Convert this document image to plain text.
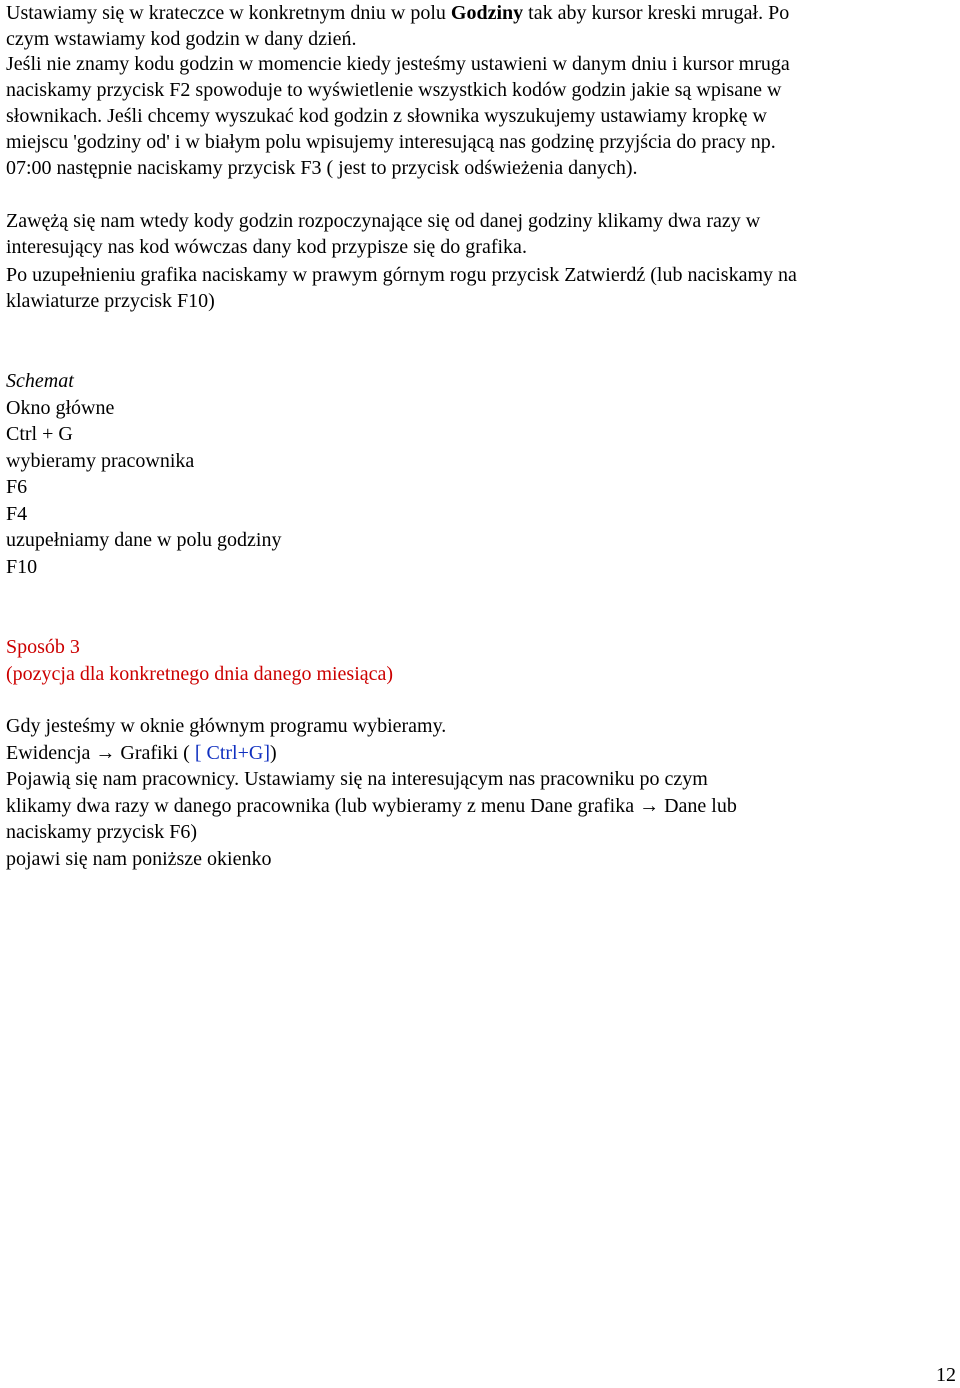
Ustawiamy się w krateczce w konkretnym dniu w polu Godziny tak aby kursor kreski mrugał. Po
czym wstawiamy kod godzin w dany dzień.
Jeśli nie znamy kodu godzin w momencie kiedy jesteśmy ustawieni w danym dniu i kursor mruga
naciskamy przycisk F2 spowoduje to wyświetlenie wszystkich kodów godzin jakie są wpisane w
słownikach. Jeśli chcemy wyszukać kod godzin z słownika wyszukujemy ustawiamy kropkę w
miejscu 'godziny od' i w białym polu wpisujemy interesującą nas godzinę przyjścia do pracy np.
07:00 następnie naciskamy przycisk F3 ( jest to przycisk odświeżenia danych).
Zawężą się nam wtedy kody godzin rozpoczynające się od danej godziny klikamy dwa razy w
interesujący nas kod wówczas dany kod przypisze się do grafika.
Po uzupełnieniu grafika naciskamy w prawym górnym rogu przycisk Zatwierdź (lub naciskamy na
klawiaturze przycisk F10)
Schemat
Okno główne
Ctrl + G
wybieramy pracownika
F6
F4
uzupełniamy dane w polu godziny
F10
Sposób 3
(pozycja dla konkretnego dnia danego miesiąca)
Gdy jesteśmy w oknie głównym programu wybieramy.
Ewidencja → Grafiki ( [ Ctrl+G])
Pojawią się nam pracownicy. Ustawiamy się na interesującym nas pracowniku po czym
klikamy dwa razy w danego pracownika (lub wybieramy z menu Dane grafika → Dane lub
naciskamy przycisk F6)
pojawi się nam poniższe okienko
12
